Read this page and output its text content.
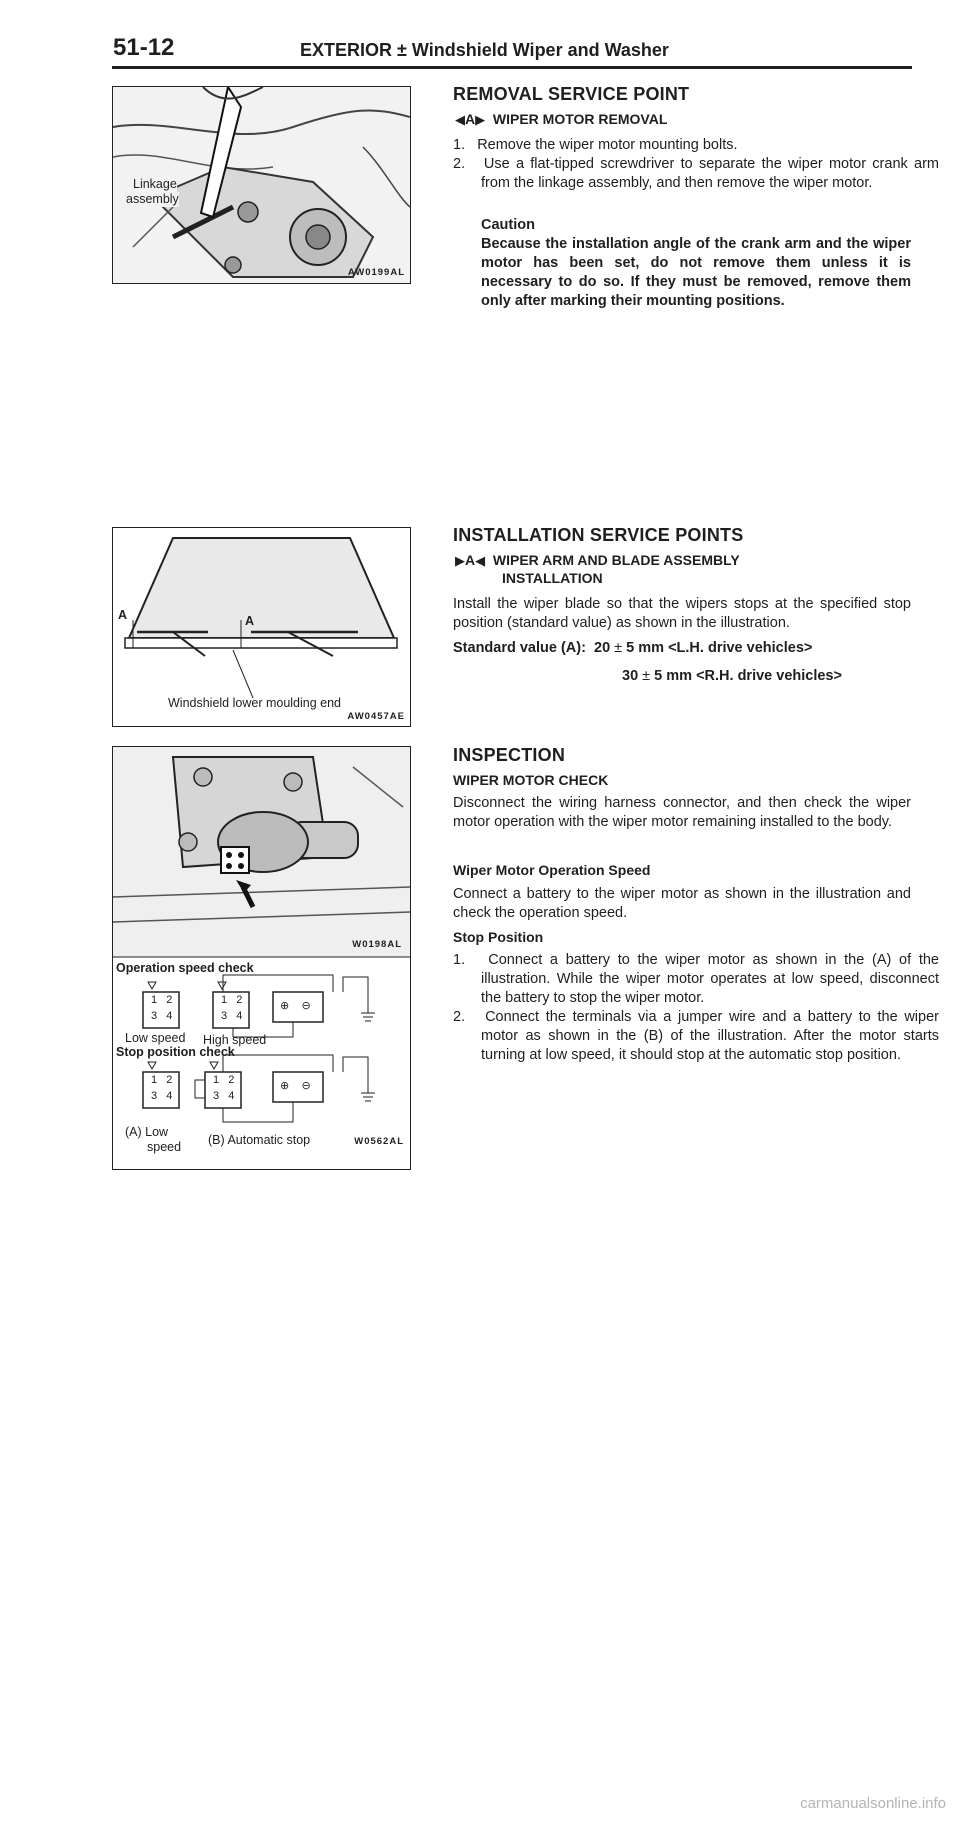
51-12	EXTERIOR ± Windshield Wiper and Washer
Linkage
assembly
AW0199AL
REMOVAL SERVICE POINT
◀A▶ WIPER MOTOR REMOVAL
1. Remove the wiper motor mounting bolts.
2. Use a flat-tipped screwdriver to separate the wiper motor crank arm from the linkage assembly, and then remove the wiper motor.
Caution
Because the installation angle of the crank arm and the wiper motor has been set, do not remove them unless it is necessary to do so. If they must be removed, remove them only after marking their mounting positions.
A	A
Windshield lower moulding end
AW0457AE
INSTALLATION SERVICE POINTS
▶A◀ WIPER ARM AND BLADE ASSEMBLY
INSTALLATION
Install the wiper blade so that the wipers stops at the specified stop position (standard value) as shown in the illustration.
Standard value (A): 20 ± 5 mm <L.H. drive vehicles>
30 ± 5 mm <R.H. drive vehicles>
1 2
3 4
1 2
3 4
1 2
3 4
1 2
3 4
⊕    ⊖
⊕    ⊖
W0198AL
Operation speed check
Low speed High speed
Stop position check
(A) Low
speed (B) Automatic stop	W0562AL
INSPECTION
WIPER MOTOR CHECK
Disconnect the wiring harness connector, and then check the wiper motor operation with the wiper motor remaining installed to the body.
Wiper Motor Operation Speed
Connect a battery to the wiper motor as shown in the illustration and check the operation speed.
Stop Position
1. Connect a battery to the wiper motor as shown in the (A) of the illustration. While the wiper motor operates at low speed, disconnect the battery to stop the wiper motor.
2. Connect the terminals via a jumper wire and a battery to the wiper motor as shown in the (B) of the illustration. After the motor starts turning at low speed, it should stop at the automatic stop position.
carmanualsonline.info
